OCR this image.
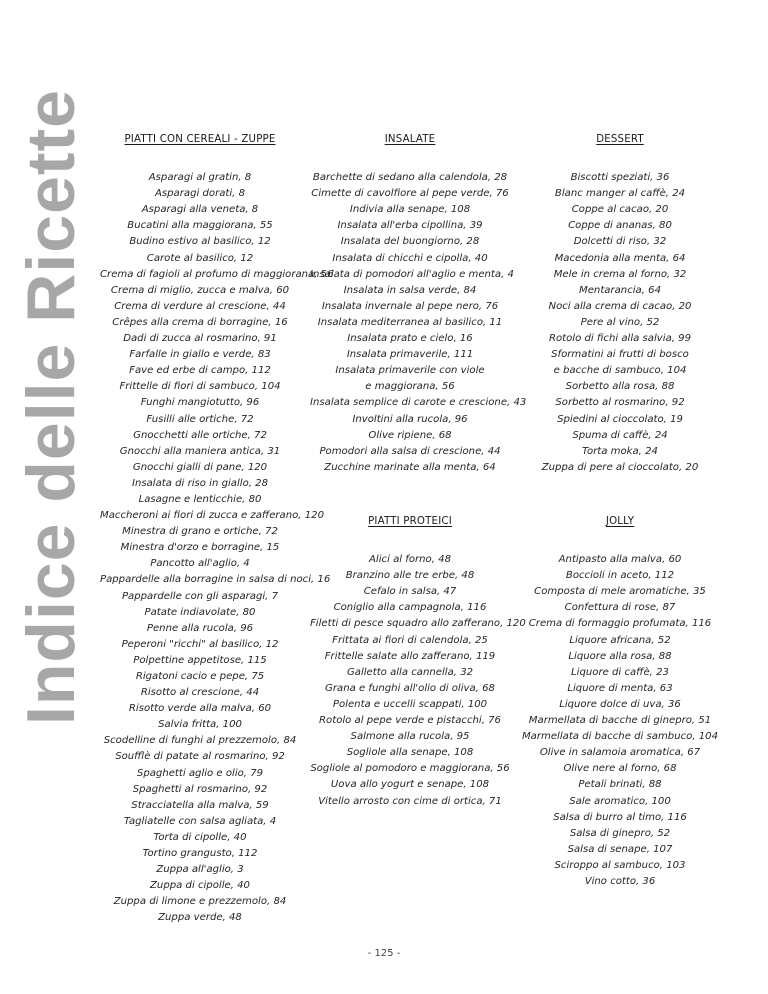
Indice delle Ricette	PIATTI CON CEREALI - ZUPPE
Asparagi al gratin, 8
Asparagi dorati, 8
Asparagi alla veneta, 8
Bucatini alla maggiorana, 55
Budino estivo al basilico, 12
Carote al basilico, 12
Crema di fagioli al profumo di maggiorana, 56
Crema di miglio, zucca e malva, 60
Crema di verdure al crescione, 44
Crêpes alla crema di borragine, 16
Dadi di zucca al rosmarino, 91
Farfalle in giallo e verde, 83
Fave ed erbe di campo, 112
Frittelle di fiori di sambuco, 104
Funghi mangiotutto, 96
Fusilli alle ortiche, 72
Gnocchetti alle ortiche, 72
Gnocchi alla maniera antica, 31
Gnocchi gialli di pane, 120
Insalata di riso in giallo, 28
Lasagne e lenticchie, 80
Maccheroni ai fiori di zucca e zafferano, 120
Minestra di grano e ortiche, 72
Minestra d'orzo e borragine, 15
Pancotto all'aglio, 4
Pappardelle alla borragine in salsa di noci, 16
Pappardelle con gli asparagi, 7
Patate indiavolate, 80
Penne alla rucola, 96
Peperoni "ricchi" al basilico, 12
Polpettine appetitose, 115
Rigatoni cacio e pepe, 75
Risotto al crescione, 44
Risotto verde alla malva, 60
Salvia fritta, 100
Scodelline di funghi al prezzemolo, 84
Soufflè di patate al rosmarino, 92
Spaghetti aglio e olio, 79
Spaghetti al rosmarino, 92
Stracciatella alla malva, 59
Tagliatelle con salsa agliata, 4
Torta di cipolle, 40
Tortino grangusto, 112
Zuppa all'aglio, 3
Zuppa di cipolle, 40
Zuppa di limone e prezzemolo, 84
Zuppa verde, 48
INSALATE
Barchette di sedano alla calendola, 28
Cimette di cavolfiore al pepe verde, 76
Indivia alla senape, 108
Insalata all'erba cipollina, 39
Insalata del buongiorno, 28
Insalata di chicchi e cipolla, 40
Insalata di pomodori all'aglio e menta, 4
Insalata in salsa verde, 84
Insalata invernale al pepe nero, 76
Insalata mediterranea al basilico, 11
Insalata prato e cielo, 16
Insalata primaverile, 111
Insalata primaverile con viole
e maggiorana, 56
Insalata semplice di carote e crescione, 43
Involtini alla rucola, 96
Olive ripiene, 68
Pomodori alla salsa di crescione, 44
Zucchine marinate alla menta, 64
DESSERT
Biscotti speziati, 36
Blanc manger al caffè, 24
Coppe al cacao, 20
Coppe di ananas, 80
Dolcetti di riso, 32
Macedonia alla menta, 64
Mele in crema al forno, 32
Mentarancia, 64
Noci alla crema di cacao, 20
Pere al vino, 52
Rotolo di fichi alla salvia, 99
Sformatini ai frutti di bosco
e bacche di sambuco, 104
Sorbetto alla rosa, 88
Sorbetto al rosmarino, 92
Spiedini al cioccolato, 19
Spuma di caffè, 24
Torta moka, 24
Zuppa di pere al cioccolato, 20
PIATTI PROTEICI
Alici al forno, 48
Branzino alle tre erbe, 48
Cefalo in salsa, 47
Coniglio alla campagnola, 116
Filetti di pesce squadro allo zafferano, 120
Frittata ai fiori di calendola, 25
Frittelle salate allo zafferano, 119
Galletto alla cannella, 32
Grana e funghi all'olio di oliva, 68
Polenta e uccelli scappati, 100
Rotolo al pepe verde e pistacchi, 76
Salmone alla rucola, 95
Sogliole alla senape, 108
Sogliole al pomodoro e maggiorana, 56
Uova allo yogurt e senape, 108
Vitello arrosto con cime di ortica, 71
JOLLY
Antipasto alla malva, 60
Boccioli in aceto, 112
Composta di mele aromatiche, 35
Confettura di rose, 87
Crema di formaggio profumata, 116
Liquore africana, 52
Liquore alla rosa, 88
Liquore di caffè, 23
Liquore di menta, 63
Liquore dolce di uva, 36
Marmellata di bacche di ginepro, 51
Marmellata di bacche di sambuco, 104
Olive in salamoia aromatica, 67
Olive nere al forno, 68
Petali brinati, 88
Sale aromatico, 100
Salsa di burro al timo, 116
Salsa di ginepro, 52
Salsa di senape, 107
Sciroppo al sambuco, 103
Vino cotto, 36
- 125 -
